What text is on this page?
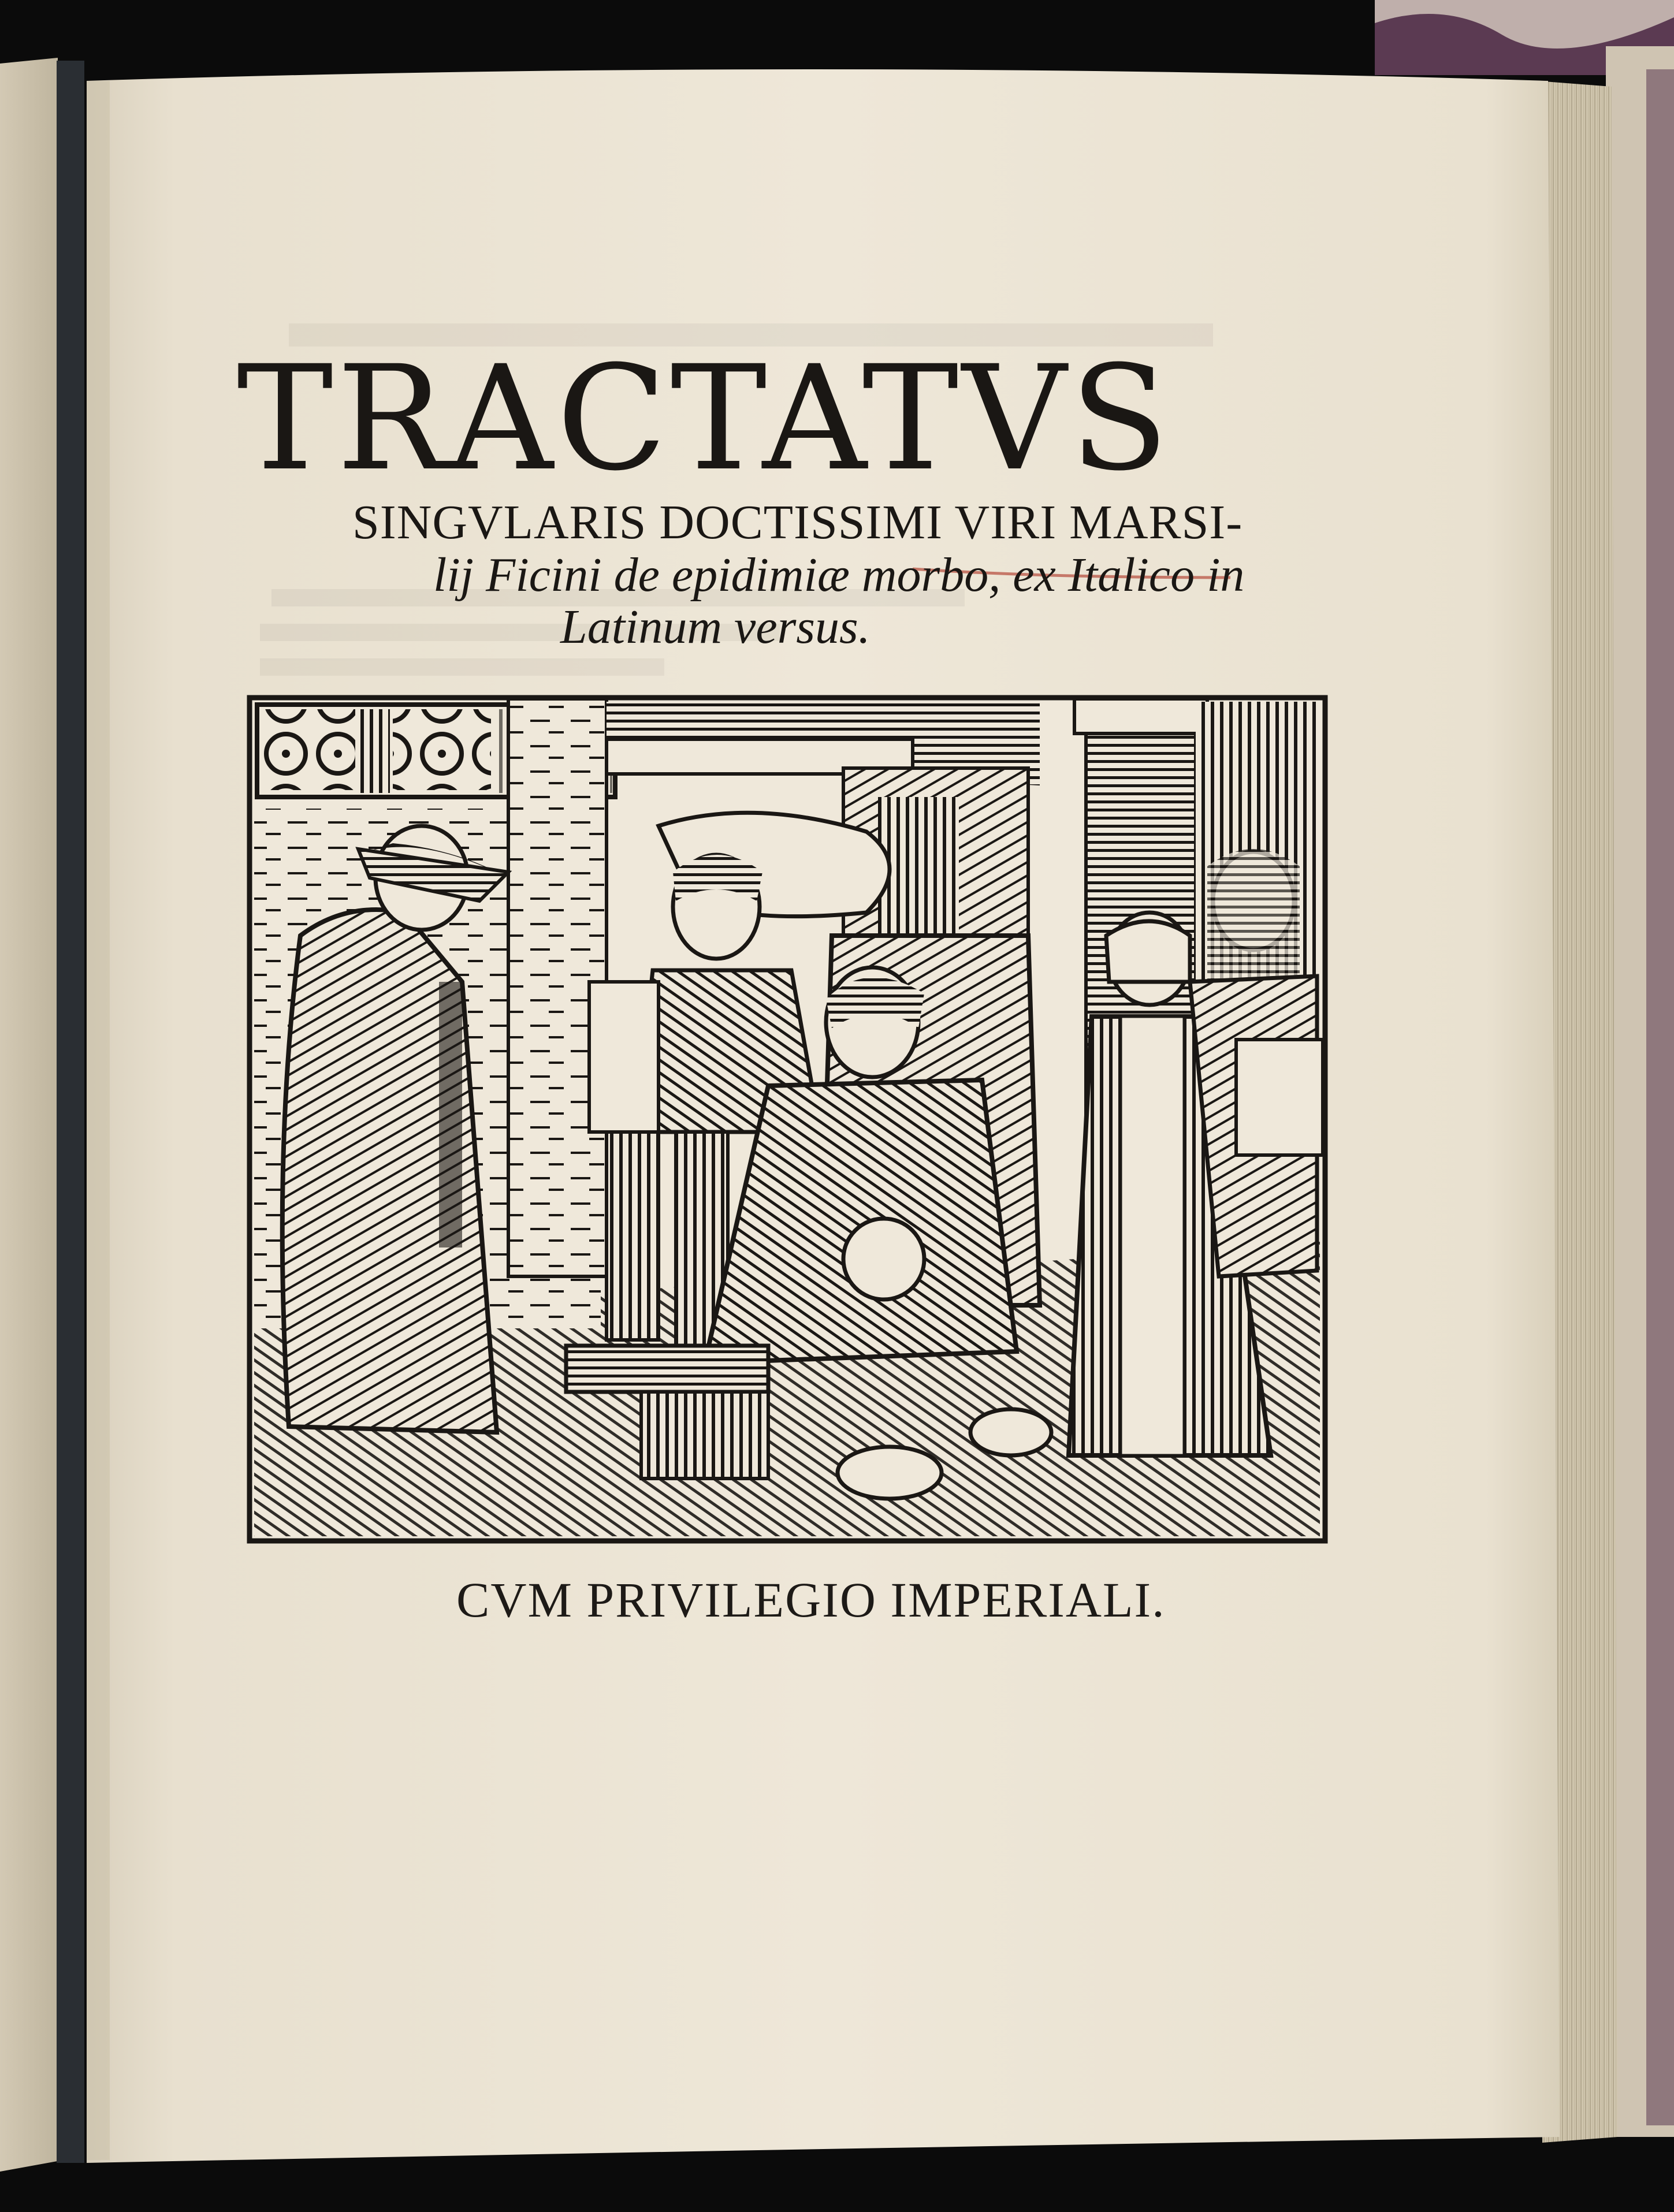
TRACTATVS
SINGVLARIS DOCTISSIMI VIRI MARSI-
lij Ficini de epidimiæ morbo, ex Italico in
Latinum versus.
CVM PRIVILEGIO IMPERIALI.
